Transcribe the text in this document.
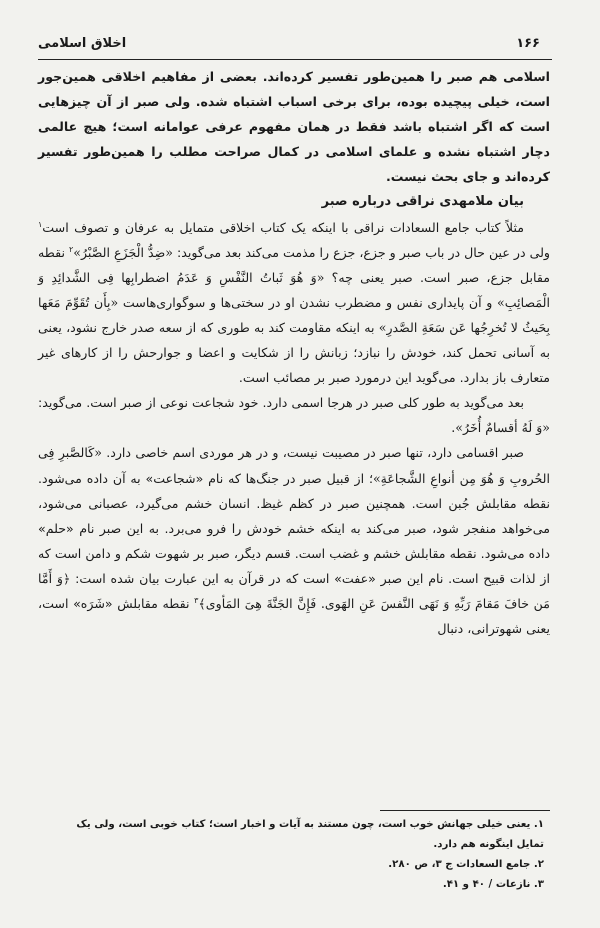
۱۶۶
اخلاق اسلامی

اسلامی هم صبر را همین‌طور تفسیر کرده‌اند. بعضی از مفاهیم اخلاقی همین‌جور است، خیلی پیچیده بوده، برای برخی اسباب اشتباه شده. ولی صبر از آن چیزهایی است که اگر اشتباه باشد فقط در همان مفهوم عرفی عوامانه است؛ هیچ عالمی دچار اشتباه نشده و علمای اسلامی در کمال صراحت مطلب را همین‌طور تفسیر کرده‌اند و جای بحث نیست.

بیان ملامهدی نراقی درباره صبر

مثلاً کتاب جامع السعادات نراقی با اینکه یک کتاب اخلاقی متمایل به عرفان و تصوف است$^۱$ ولی در عین حال در باب صبر و جزع، جزع را مذمت می‌کند بعد می‌گوید: «ضِدُّ الْجَزَعِ الصَّبْرُ»$^۲$ نقطه مقابل جزع، صبر است. صبر یعنی چه؟ «وَ هُوَ ثَباتُ النَّفْسِ وَ عَدَمُ اضطرابِها فِی الشَّدائِدِ وَ الْمَصائِبِ» و آن پایداری نفس و مضطرب نشدن او در سختی‌ها و سوگواری‌هاست «بِأَن تُقَوِّمَ مَعَها بِحَیثُ لا تُخرِجُها عَن سَعَةِ الصَّدرِ» به اینکه مقاومت کند به طوری که از سعه صدر خارج نشود، یعنی به آسانی تحمل کند، خودش را نبازد؛ زبانش را از شکایت و اعضا و جوارحش را از کارهای غیر متعارف باز بدارد. می‌گوید این درمورد صبر بر مصائب است.

بعد می‌گوید به طور کلی صبر در هرجا اسمی دارد. خود شجاعت نوعی از صبر است. می‌گوید: «وَ لَهُ أقسامٌ أُخَرُ».

صبر اقسامی دارد، تنها صبر در مصیبت نیست، و در هر موردی اسم خاصی دارد. «کَالصَّبرِ فِی الحُروبِ وَ هُوَ مِن أنواعِ الشَّجاعَةِ»؛ از قبیل صبر در جنگ‌ها که نام «شجاعت» به آن داده می‌شود. نقطه مقابلش جُبن است. همچنین صبر در کظم غیظ. انسان خشم می‌گیرد، عصبانی می‌شود، می‌خواهد منفجر شود، صبر می‌کند به اینکه خشم خودش را فرو می‌برد. به این صبر نام «حلم» داده می‌شود. نقطه مقابلش خشم و غضب است. قسم دیگر، صبر بر شهوت شکم و دامن است که از لذات قبیح است. نام این صبر «عفت» است که در قرآن به این عبارت بیان شده است: ﴿وَ أَمَّا مَن خافَ مَقامَ رَبِّهِ وَ نَهَی النَّفسَ عَنِ الهَوی. فَإِنَّ الجَنَّةَ هِیَ المَأوی﴾$^۳$ نقطه مقابلش «شَرَه» است، یعنی شهوترانی، دنبال

۱. یعنی خیلی جهانش خوب است، چون مستند به آیات و اخبار است؛ کتاب خوبی است، ولی یک تمایل اینگونه هم دارد.

۲. جامع السعادات ج ۳، ص ۲۸۰.

۳. نازعات / ۴۰ و ۴۱.
